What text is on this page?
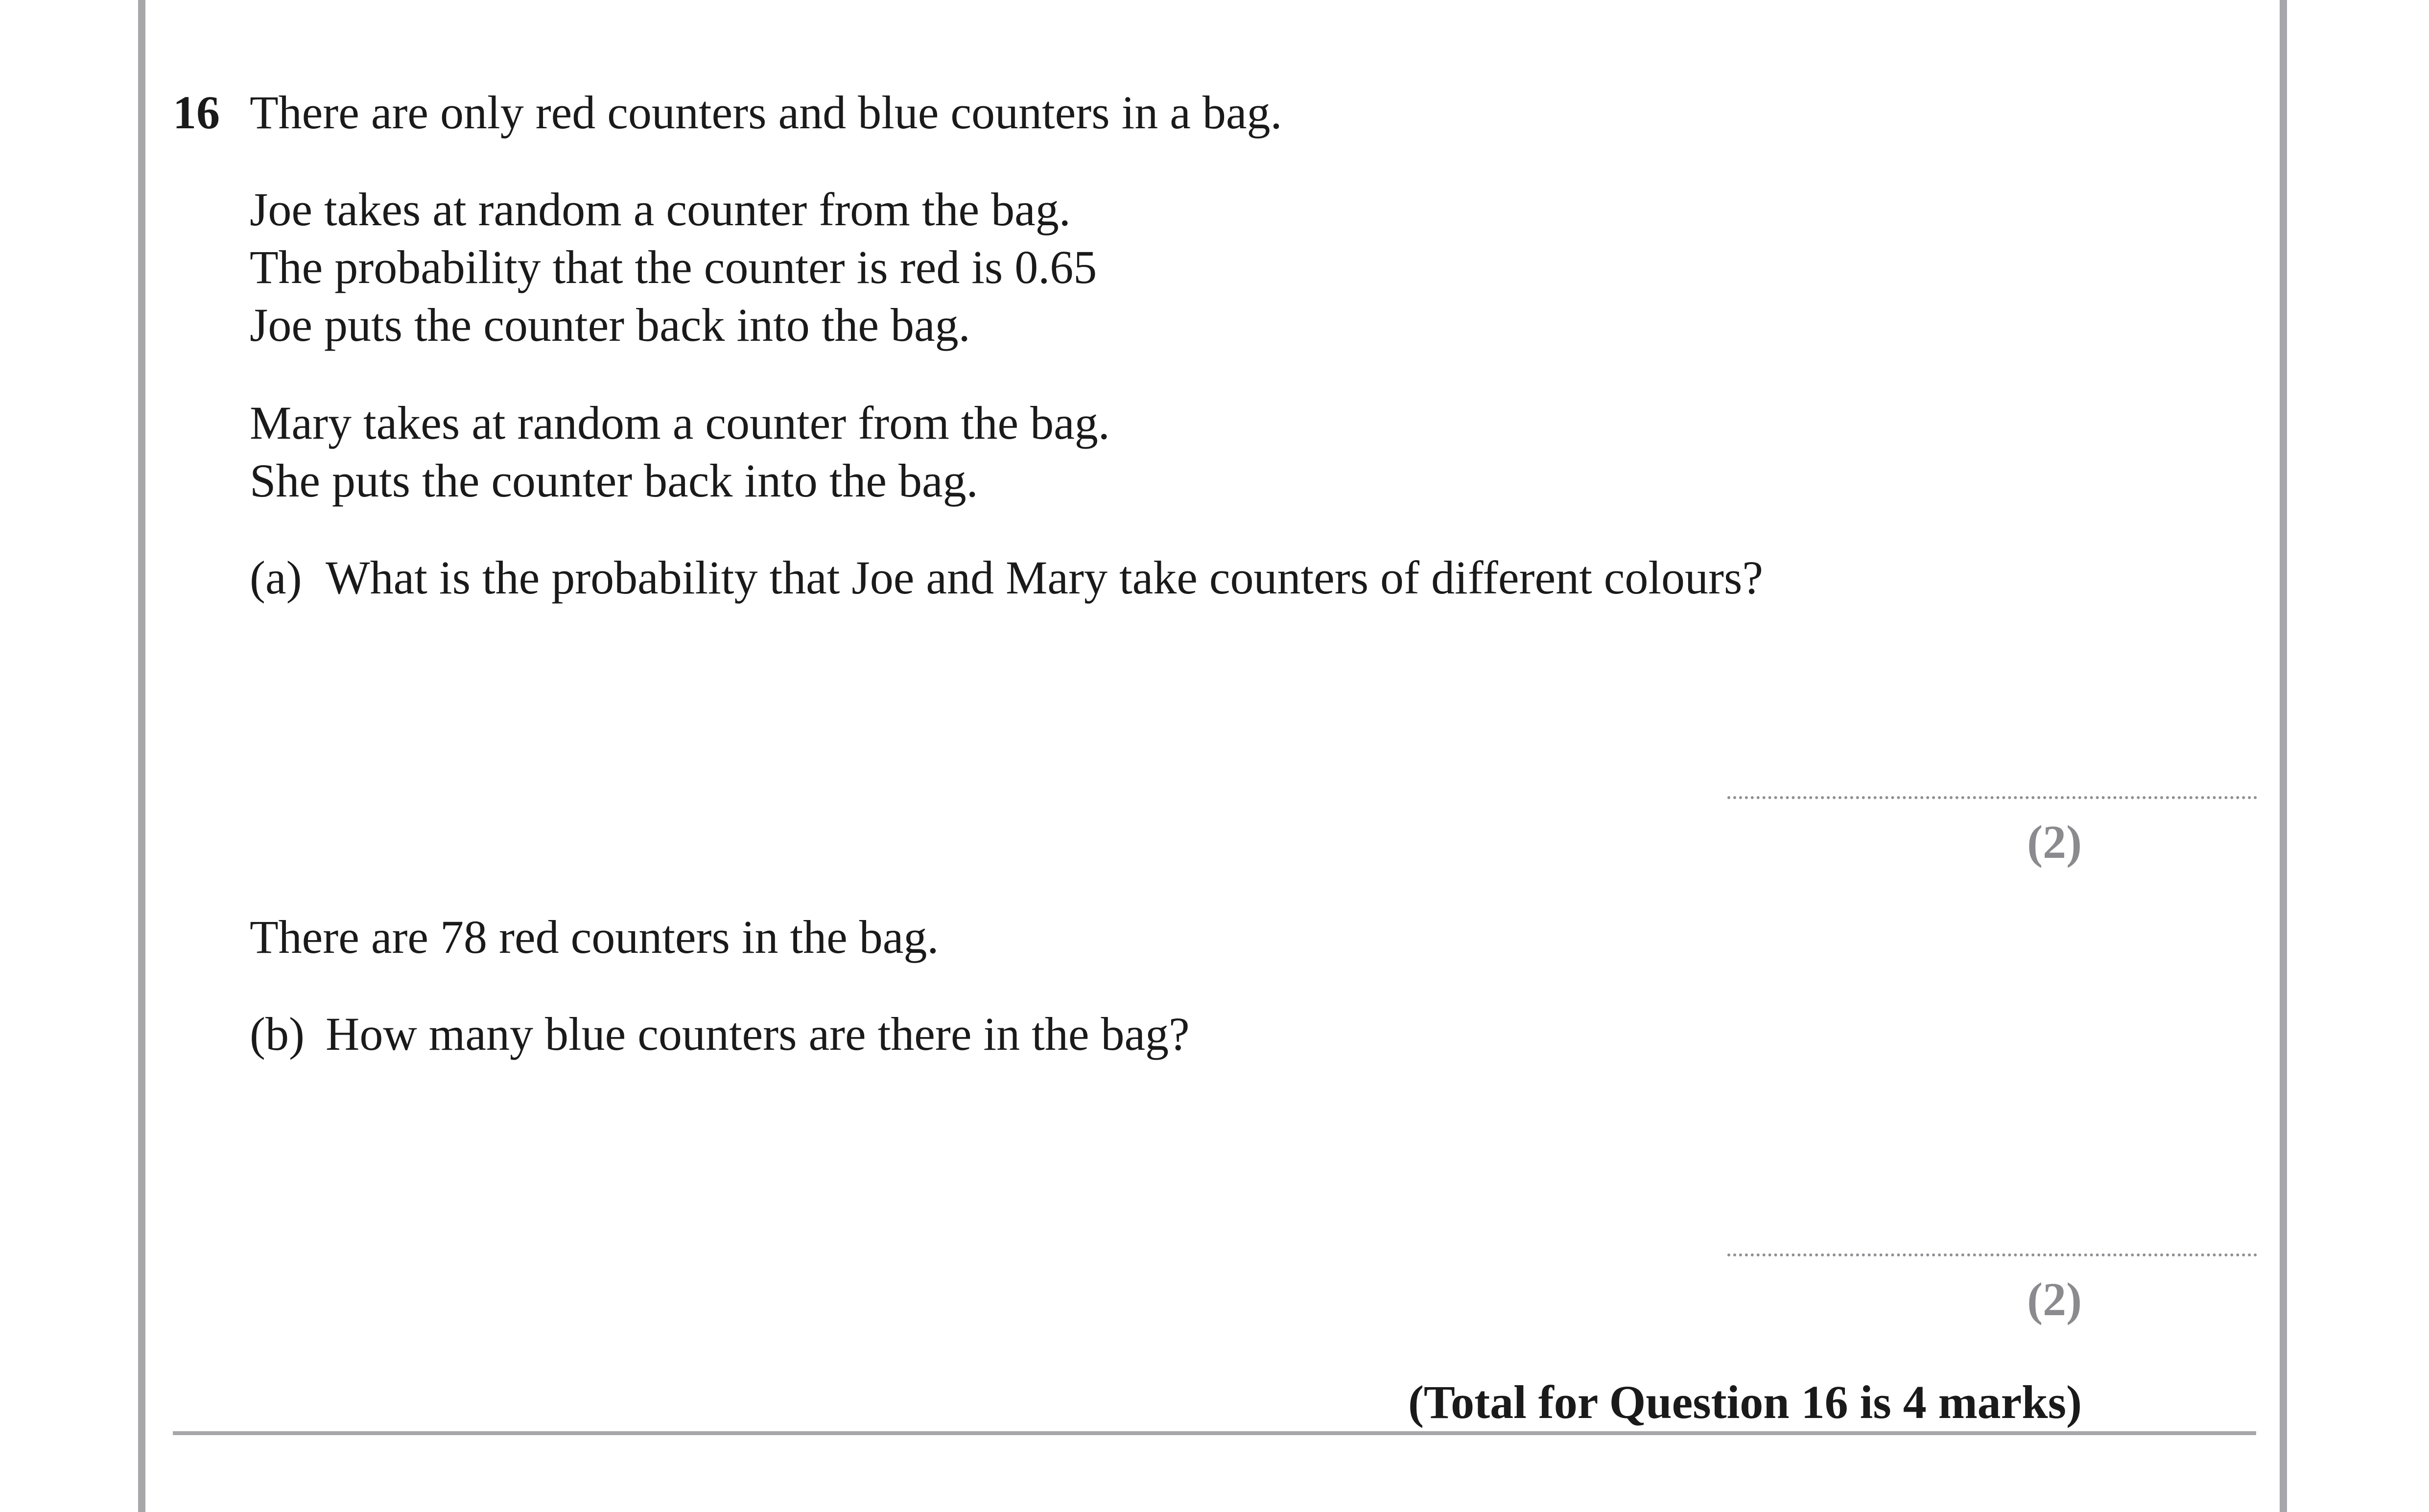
16 There are only red counters and blue counters in a bag.
Joe takes at random a counter from the bag.
The probability that the counter is red is 0.65
Joe puts the counter back into the bag.
Mary takes at random a counter from the bag.
She puts the counter back into the bag.
(a) What is the probability that Joe and Mary take counters of different colours?
(2)
There are 78 red counters in the bag.
(b) How many blue counters are there in the bag?
(2)
(Total for Question 16 is 4 marks)
